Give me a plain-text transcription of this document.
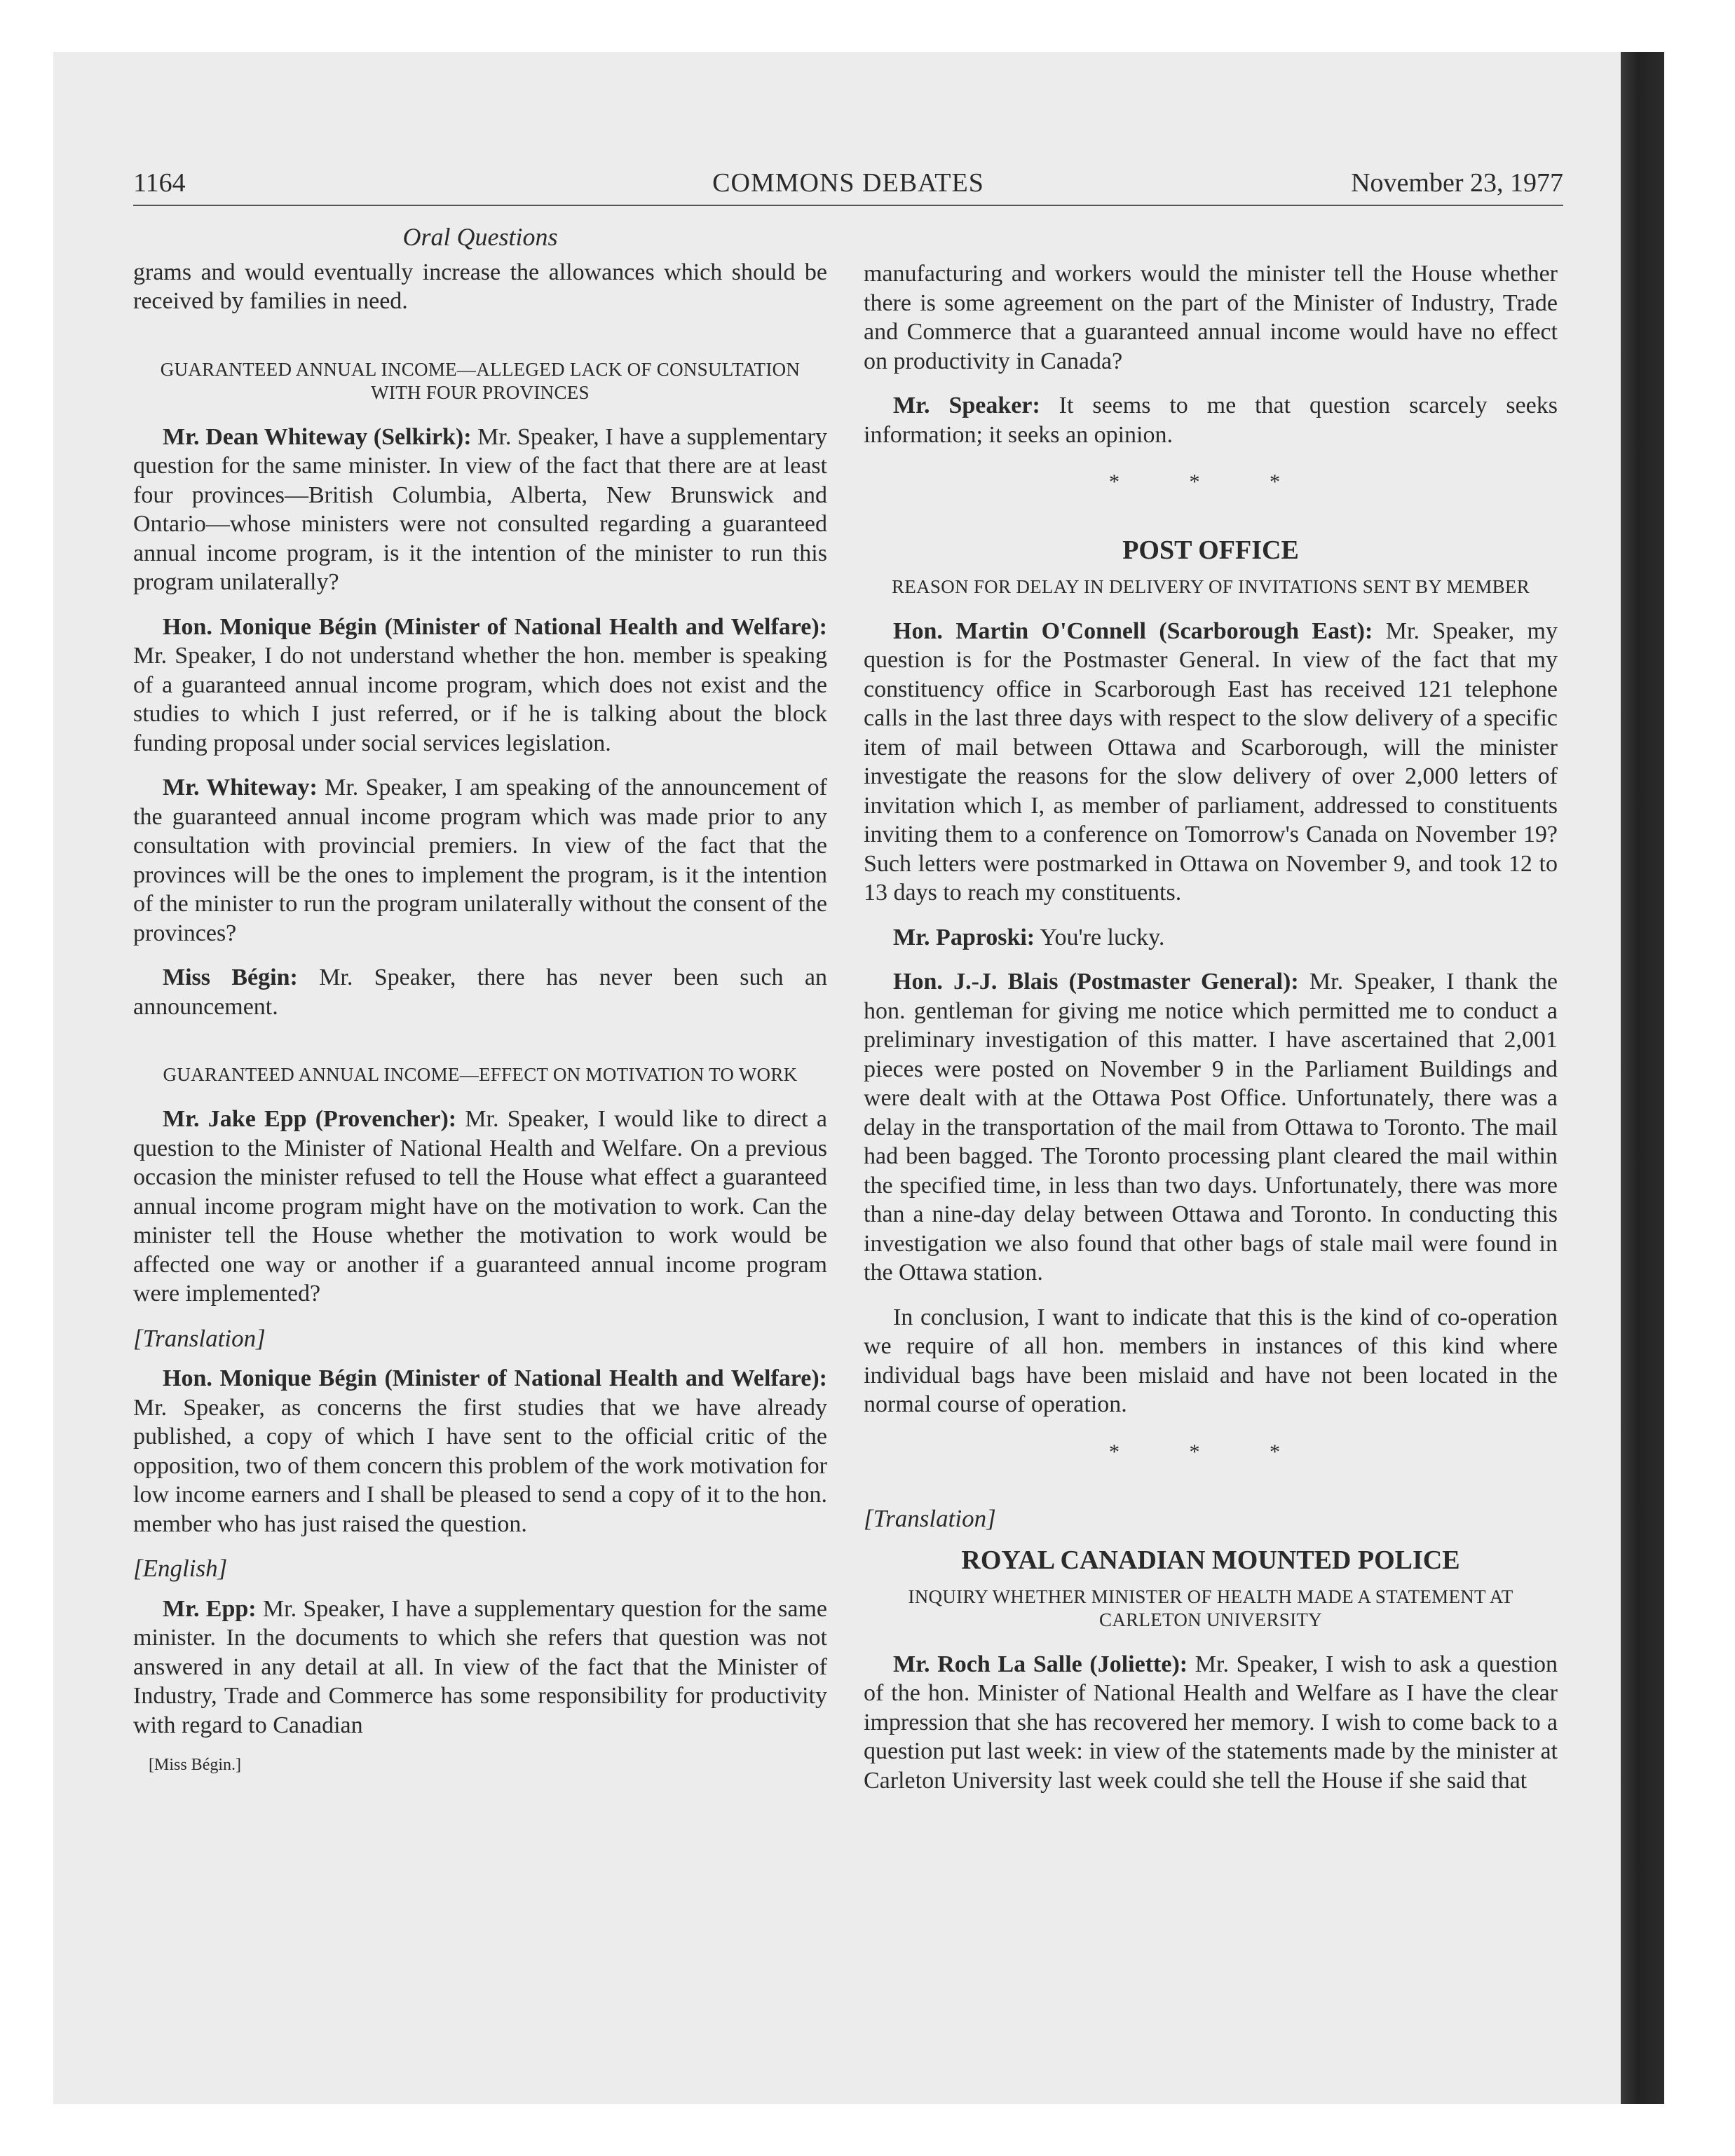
1164	COMMONS DEBATES	November 23, 1977
Oral Questions

grams and would eventually increase the allowances which should be received by families in need.

GUARANTEED ANNUAL INCOME—ALLEGED LACK OF CONSULTATION WITH FOUR PROVINCES

Mr. Dean Whiteway (Selkirk): Mr. Speaker, I have a supplementary question for the same minister. In view of the fact that there are at least four provinces—British Columbia, Alberta, New Brunswick and Ontario—whose ministers were not consulted regarding a guaranteed annual income program, is it the intention of the minister to run this program unilaterally?

Hon. Monique Bégin (Minister of National Health and Welfare): Mr. Speaker, I do not understand whether the hon. member is speaking of a guaranteed annual income program, which does not exist and the studies to which I just referred, or if he is talking about the block funding proposal under social services legislation.

Mr. Whiteway: Mr. Speaker, I am speaking of the announcement of the guaranteed annual income program which was made prior to any consultation with provincial premiers. In view of the fact that the provinces will be the ones to implement the program, is it the intention of the minister to run the program unilaterally without the consent of the provinces?

Miss Bégin: Mr. Speaker, there has never been such an announcement.

GUARANTEED ANNUAL INCOME—EFFECT ON MOTIVATION TO WORK

Mr. Jake Epp (Provencher): Mr. Speaker, I would like to direct a question to the Minister of National Health and Welfare. On a previous occasion the minister refused to tell the House what effect a guaranteed annual income program might have on the motivation to work. Can the minister tell the House whether the motivation to work would be affected one way or another if a guaranteed annual income program were implemented?

[Translation]

Hon. Monique Bégin (Minister of National Health and Welfare): Mr. Speaker, as concerns the first studies that we have already published, a copy of which I have sent to the official critic of the opposition, two of them concern this problem of the work motivation for low income earners and I shall be pleased to send a copy of it to the hon. member who has just raised the question.

[English]

Mr. Epp: Mr. Speaker, I have a supplementary question for the same minister. In the documents to which she refers that question was not answered in any detail at all. In view of the fact that the Minister of Industry, Trade and Commerce has some responsibility for productivity with regard to Canadian

[Miss Bégin.]

manufacturing and workers would the minister tell the House whether there is some agreement on the part of the Minister of Industry, Trade and Commerce that a guaranteed annual income would have no effect on productivity in Canada?

Mr. Speaker: It seems to me that question scarcely seeks information; it seeks an opinion.

* * *
POST OFFICE
REASON FOR DELAY IN DELIVERY OF INVITATIONS SENT BY MEMBER

Hon. Martin O'Connell (Scarborough East): Mr. Speaker, my question is for the Postmaster General. In view of the fact that my constituency office in Scarborough East has received 121 telephone calls in the last three days with respect to the slow delivery of a specific item of mail between Ottawa and Scarborough, will the minister investigate the reasons for the slow delivery of over 2,000 letters of invitation which I, as member of parliament, addressed to constituents inviting them to a conference on Tomorrow's Canada on November 19? Such letters were postmarked in Ottawa on November 9, and took 12 to 13 days to reach my constituents.

Mr. Paproski: You're lucky.

Hon. J.-J. Blais (Postmaster General): Mr. Speaker, I thank the hon. gentleman for giving me notice which permitted me to conduct a preliminary investigation of this matter. I have ascertained that 2,001 pieces were posted on November 9 in the Parliament Buildings and were dealt with at the Ottawa Post Office. Unfortunately, there was a delay in the transportation of the mail from Ottawa to Toronto. The mail had been bagged. The Toronto processing plant cleared the mail within the specified time, in less than two days. Unfortunately, there was more than a nine-day delay between Ottawa and Toronto. In conducting this investigation we also found that other bags of stale mail were found in the Ottawa station.

In conclusion, I want to indicate that this is the kind of co-operation we require of all hon. members in instances of this kind where individual bags have been mislaid and have not been located in the normal course of operation.

* * *
[Translation]
ROYAL CANADIAN MOUNTED POLICE
INQUIRY WHETHER MINISTER OF HEALTH MADE A STATEMENT AT CARLETON UNIVERSITY

Mr. Roch La Salle (Joliette): Mr. Speaker, I wish to ask a question of the hon. Minister of National Health and Welfare as I have the clear impression that she has recovered her memory. I wish to come back to a question put last week: in view of the statements made by the minister at Carleton University last week could she tell the House if she said that
